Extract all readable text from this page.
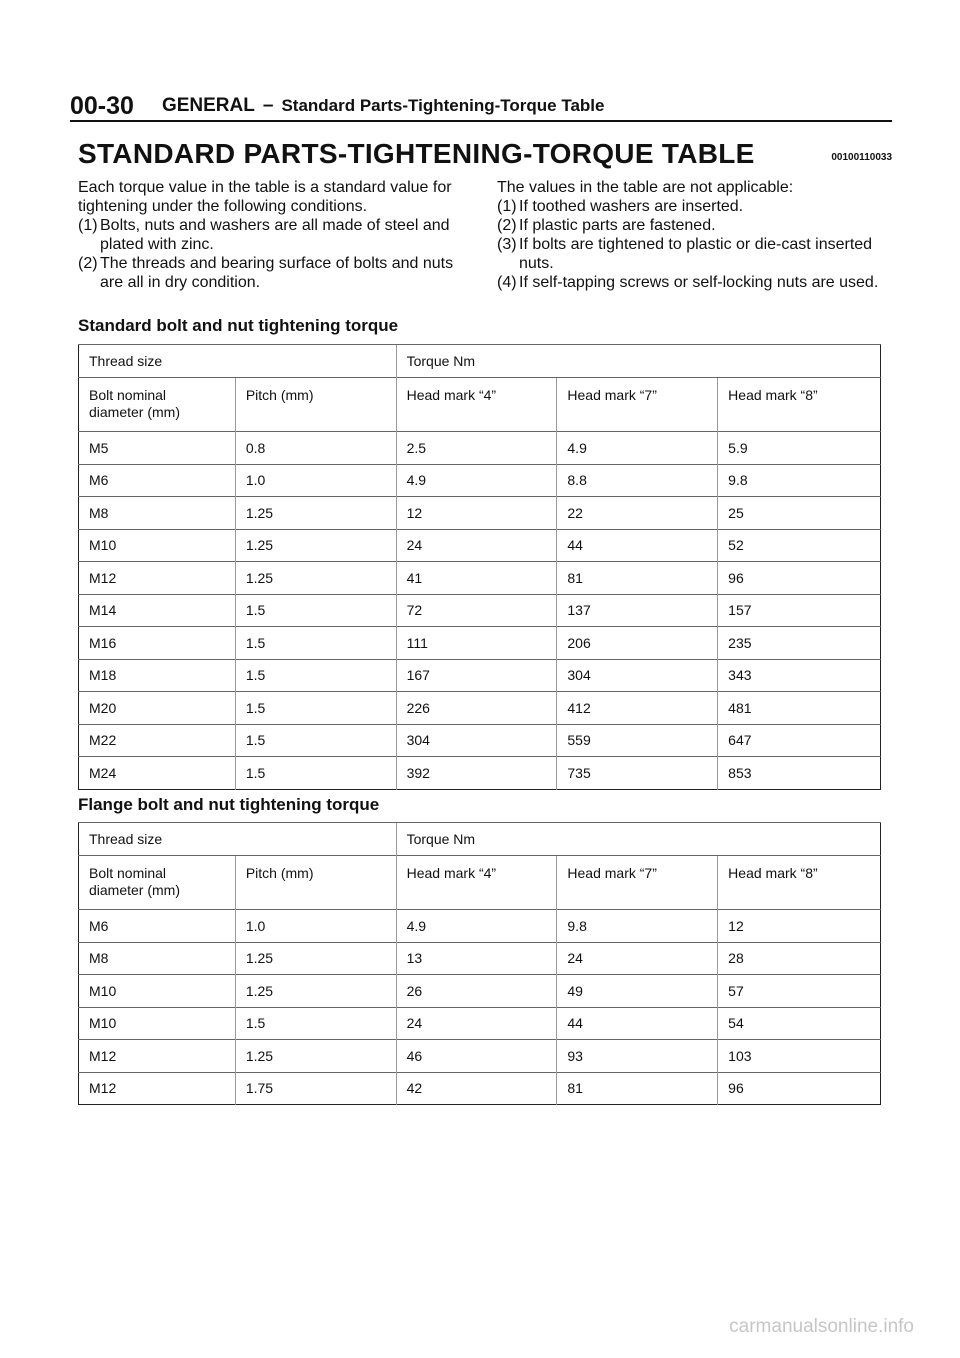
00-30 GENERAL – Standard Parts-Tightening-Torque Table
STANDARD PARTS-TIGHTENING-TORQUE TABLE	00100110033

Each torque value in the table is a standard value for tightening under the following conditions.

(1) Bolts, nuts and washers are all made of steel and plated with zinc.
(2) The threads and bearing surface of bolts and nuts are all in dry condition.

The values in the table are not applicable:

(1) If toothed washers are inserted.
(2) If plastic parts are fastened.
(3) If bolts are tightened to plastic or die-cast inserted nuts.
(4) If self-tapping screws or self-locking nuts are used.
Standard bolt and nut tightening torque
Thread size		Torque Nm		
Bolt nominal
diameter (mm)	Pitch (mm)	Head mark “4”	Head mark “7”	Head mark “8”
M5	0.8	2.5	4.9	5.9
M6	1.0	4.9	8.8	9.8
M8	1.25	12	22	25
M10	1.25	24	44	52
M12	1.25	41	81	96
M14	1.5	72	137	157
M16	1.5	111	206	235
M18	1.5	167	304	343
M20	1.5	226	412	481
M22	1.5	304	559	647
M24	1.5	392	735	853
Flange bolt and nut tightening torque
Thread size		Torque Nm		
Bolt nominal
diameter (mm)	Pitch (mm)	Head mark “4”	Head mark “7”	Head mark “8”
M6	1.0	4.9	9.8	12
M8	1.25	13	24	28
M10	1.25	26	49	57
M10	1.5	24	44	54
M12	1.25	46	93	103
M12	1.75	42	81	96
carmanualsonline.info
